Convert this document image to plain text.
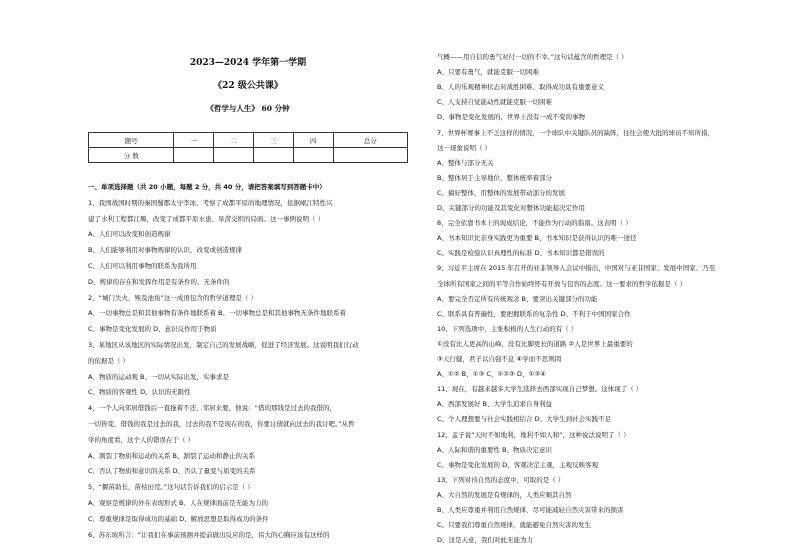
2023—2024 学年第一学期
《22 级公共课》
《哲学与人生》 60 分钟
题号	一	二	三	四	总分
分 数					
一、单项选择题（共 20 小题，每题 2 分，共 40 分，请把答案填写到答题卡中）
1、我国战国时期的秦国蜀郡太守李冰，考察了成都平原的地理情况，依据岷江特性兴
建了水利工程都江堰，改变了成都平原水患、旱涝交织的局面。这一事例说明（ ）
A、人们可以改变和创造规律
B、人们能够利用对事物规律的认识，改变或创造规律
C、人们可以利用事物的联系为我所用
D、规律的存在和发挥作用是有条件的、无条件的
2、“城门失火，殃及池鱼”这一成语包含的哲学道理是（ ）
A、一切事物总是和其他事物有条件地联系着 B、一切事物总是和其他事物无条件地联系着
C、事物是变化发展的 D、意识反作用于物质
3、某地区从该地区的实际情况出发，制定自己的发展战略，促进了经济发展。这说明我们行动
的依据是（ ）
A、物质的运动观 B、一切从实际出发，实事求是
C、物质的客观性 D、认识的无限性
4、一个人向邻居借钱后一直拖着不还，邻居来要，他说：“借的那钱是过去的我借的，
一切皆变，借钱的我是过去的我，过去的我不是现在的我，你要讨债就向过去的我讨吧。”从哲
学的角度看，这个人的错误在于（ ）
A、割裂了物质和运动的关系 B、割裂了运动和静止的关系
C、否认了物质和意识的关系 D、否认了量变与质变的关系
5、“揠苗助长，苗枯田荒。”这句话告诉我们的启示是（ ）
A、观察是规律的外在表现形式 B、人在规律面前是无能为力的
C、尊重规律是取得成功的基础 D、解放思想是取得成功的条件
6、苏东坡所言：“让我们在事前预测并提前做出反应的是，伟大的心胸应该有这样的
气概——用自信的勇气对付一切的不幸。”这句话蕴含的哲理是（ ）
A、只要有勇气，就能克服一切困难
B、人的乐观精神状态对战胜困难、取得成功具有重要意义
C、人支持自觉能动性就能克服一切困难
D、事物是变化发展的，世界上没有一成不变的事物
7、世界杯赛事上不乏这样的情况，一个球队中关键队员的缺阵，往往会使大批的球员不知所措，
这一现象说明（ ）
A、整体与部分无关
B、整体居于主导地位，整体统率着部分
C、搞好整体，用整体的发展带动部分的发展
D、关键部分的功能及其变化对整体功能起决定作用
8、完全依靠书本上的现成结论，不能作为行动的指南。这表明（ ）
A、书本知识比亲身实践更为重要 B、书本知识是获得认识的唯一途径
C、实践是检验认识真理性的标准 D、书本知识都是错误的
9、习近平主席在 2015 年召开的亚非领导人会议中指出，中国对与亚非国家、发展中国家、乃至
全球所有国家之间的平等合作始终怀有开放与包容的态度。这一要求的哲学依据是（ ）
A、要完全否定所有传统观念 B、要突出关键部分的功能
C、联系具有普遍性，要把握联系的复杂性 D、不利于中国国家合作
10、下列选项中，主张积极的人生行动的有（ ）
①没有比人更高的山峰，没有比脚更长的道路 ②人是世界上最重要的
③天行健，君子以自强不息 ④学而不思则罔
A、①② B、①③ C、①②③ D、①③④
11、现在，有越来越多大学生选择去西部实现自己梦想。这体现了（ ）
A、西部发展好 B、大学生追求自身利益
C、个人理想要与社会实践相结合 D、大学生到社会实践不足
12、孟子说“天时不如地利，地利不如人和”，这种说法说明了（ ）
A、人际和谐的重要性 B、物质决定意识
C、事物是变化发展的 D、客观决定主观，主观反映客观
13、下列对待自然的态度中，可取的是（ ）
A、大自然的发展是有规律的，人类应顺其自然
B、人类应尊重并利用自然规律，尽可能减轻自然灾害带来的损害
C、只要我们尊重自然规律，就能避免自然灾害的发生
D、这是天意，我们对此无能为力
